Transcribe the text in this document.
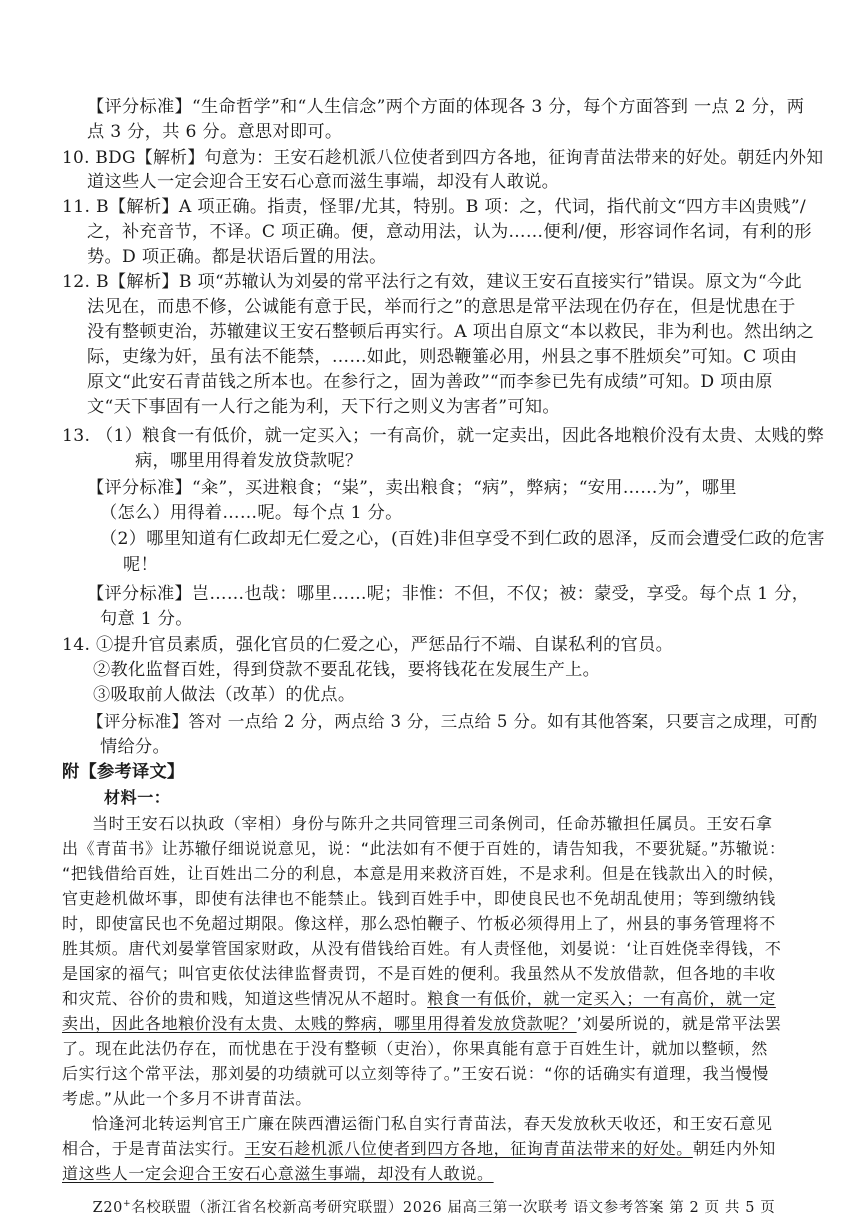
【评分标准】“生命哲学”和“人生信念”两个方面的体现各 3 分，每个方面答到 一点 2 分，两
点 3 分，共 6 分。意思对即可。
10. BDG【解析】句意为：王安石趁机派八位使者到四方各地，征询青苗法带来的好处。朝廷内外知
道这些人一定会迎合王安石心意而滋生事端，却没有人敢说。
11. B【解析】A 项正确。指责，怪罪/尤其，特别。B 项：之，代词，指代前文“四方丰凶贵贱”/
之，补充音节，不译。C 项正确。便，意动用法，认为……便利/便，形容词作名词，有利的形
势。D 项正确。都是状语后置的用法。
12. B【解析】B 项“苏辙认为刘晏的常平法行之有效，建议王安石直接实行”错误。原文为“今此
法见在，而患不修，公诚能有意于民，举而行之”的意思是常平法现在仍存在，但是忧患在于
没有整顿吏治，苏辙建议王安石整顿后再实行。A 项出自原文“本以救民，非为利也。然出纳之
际，吏缘为奸，虽有法不能禁，……如此，则恐鞭箠必用，州县之事不胜烦矣”可知。C 项由
原文“此安石青苗钱之所本也。在参行之，固为善政”“而李参已先有成绩”可知。D 项由原
文“天下事固有一人行之能为利，天下行之则义为害者”可知。
13. （1）粮食一有低价，就一定买入；一有高价，就一定卖出，因此各地粮价没有太贵、太贱的弊
病，哪里用得着发放贷款呢？
【评分标准】“籴”，买进粮食；“粜”，卖出粮食；“病”，弊病；“安用……为”，哪里
（怎么）用得着……呢。每个点 1 分。
（2）哪里知道有仁政却无仁爱之心，(百姓)非但享受不到仁政的恩泽，反而会遭受仁政的危害
呢！
【评分标准】岂……也哉：哪里……呢；非惟：不但，不仅；被：蒙受，享受。每个点 1 分，
句意 1 分。
14. ①提升官员素质，强化官员的仁爱之心，严惩品行不端、自谋私利的官员。
②教化监督百姓，得到贷款不要乱花钱，要将钱花在发展生产上。
③吸取前人做法（改革）的优点。
【评分标准】答对 一点给 2 分，两点给 3 分，三点给 5 分。如有其他答案，只要言之成理，可酌
情给分。
附【参考译文】
材料一：
当时王安石以执政（宰相）身份与陈升之共同管理三司条例司，任命苏辙担任属员。王安石拿
出《青苗书》让苏辙仔细说说意见，说：“此法如有不便于百姓的，请告知我，不要犹疑。”苏辙说：
“把钱借给百姓，让百姓出二分的利息，本意是用来救济百姓，不是求利。但是在钱款出入的时候，
官吏趁机做坏事，即使有法律也不能禁止。钱到百姓手中，即使良民也不免胡乱使用；等到缴纳钱
时，即使富民也不免超过期限。像这样，那么恐怕鞭子、竹板必须得用上了，州县的事务管理将不
胜其烦。唐代刘晏掌管国家财政，从没有借钱给百姓。有人责怪他，刘晏说：‘让百姓侥幸得钱，不
是国家的福气；叫官吏依仗法律监督责罚，不是百姓的便利。我虽然从不发放借款，但各地的丰收
和灾荒、谷价的贵和贱，知道这些情况从不超时。粮食一有低价，就一定买入；一有高价，就一定
卖出，因此各地粮价没有太贵、太贱的弊病，哪里用得着发放贷款呢？’刘晏所说的，就是常平法罢
了。现在此法仍存在，而忧患在于没有整顿（吏治），你果真能有意于百姓生计，就加以整顿，然
后实行这个常平法，那刘晏的功绩就可以立刻等待了。”王安石说：“你的话确实有道理，我当慢慢
考虑。”从此一个多月不讲青苗法。
恰逢河北转运判官王广廉在陕西漕运衙门私自实行青苗法，春天发放秋天收还，和王安石意见
相合，于是青苗法实行。王安石趁机派八位使者到四方各地，征询青苗法带来的好处。朝廷内外知
道这些人一定会迎合王安石心意滋生事端，却没有人敢说。
Z20+名校联盟（浙江省名校新高考研究联盟）2026 届高三第一次联考 语文参考答案 第 2 页 共 5 页
